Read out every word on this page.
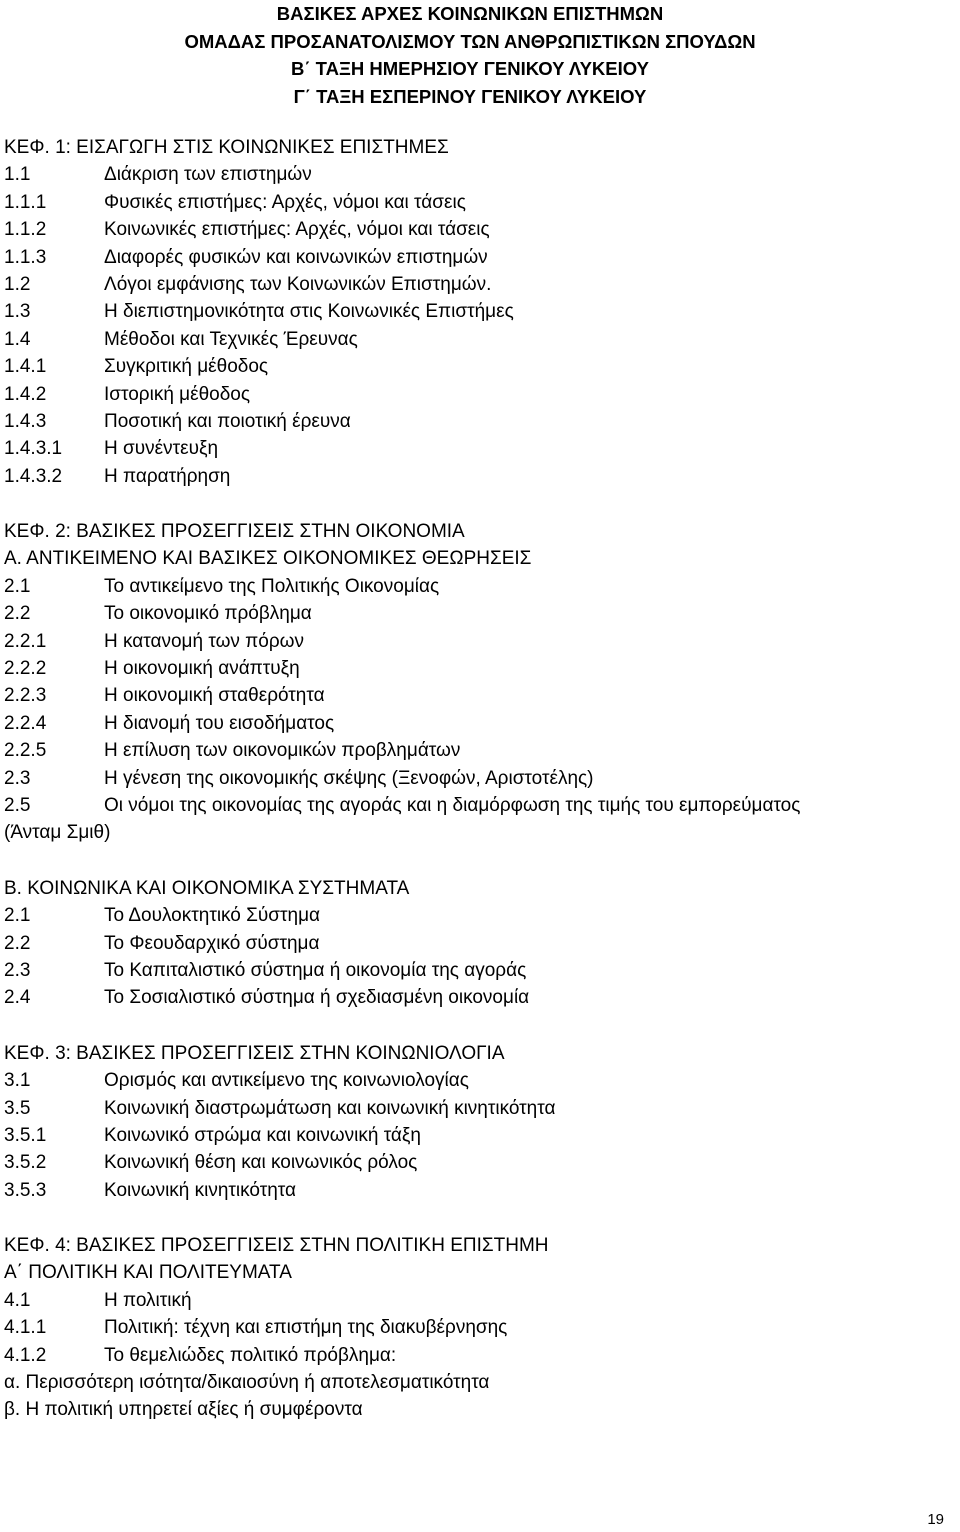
ΒΑΣΙΚΕΣ ΑΡΧΕΣ ΚΟΙΝΩΝΙΚΩΝ ΕΠΙΣΤΗΜΩΝ
ΟΜΑΔΑΣ ΠΡΟΣΑΝΑΤΟΛΙΣΜΟΥ ΤΩΝ ΑΝΘΡΩΠΙΣΤΙΚΩΝ ΣΠΟΥΔΩΝ
Β΄ ΤΑΞΗ ΗΜΕΡΗΣΙΟΥ ΓΕΝΙΚΟΥ ΛΥΚΕΙΟΥ
Γ΄ ΤΑΞΗ ΕΣΠΕΡΙΝΟΥ ΓΕΝΙΚΟΥ ΛΥΚΕΙΟΥ
ΚΕΦ. 1: ΕΙΣΑΓΩΓΗ ΣΤΙΣ ΚΟΙΝΩΝΙΚΕΣ ΕΠΙΣΤΗΜΕΣ
1.1	Διάκριση των επιστημών
1.1.1	Φυσικές επιστήμες: Αρχές, νόμοι και τάσεις
1.1.2	Κοινωνικές επιστήμες: Αρχές, νόμοι και τάσεις
1.1.3	Διαφορές φυσικών και κοινωνικών επιστημών
1.2	Λόγοι εμφάνισης των Κοινωνικών Επιστημών.
1.3	Η διεπιστημονικότητα στις Κοινωνικές Επιστήμες
1.4	Μέθοδοι και Τεχνικές Έρευνας
1.4.1	Συγκριτική μέθοδος
1.4.2	Ιστορική μέθοδος
1.4.3	Ποσοτική και ποιοτική έρευνα
1.4.3.1 Η συνέντευξη
1.4.3.2 Η παρατήρηση
ΚΕΦ. 2: ΒΑΣΙΚΕΣ ΠΡΟΣΕΓΓΙΣΕΙΣ ΣΤΗΝ ΟΙΚΟΝΟΜΙΑ
Α. ΑΝΤΙΚΕΙΜΕΝΟ ΚΑΙ ΒΑΣΙΚΕΣ ΟΙΚΟΝΟΜΙΚΕΣ ΘΕΩΡΗΣΕΙΣ
2.1	Το αντικείμενο της Πολιτικής Οικονομίας
2.2	Το οικονομικό πρόβλημα
2.2.1	Η κατανομή των πόρων
2.2.2	Η οικονομική ανάπτυξη
2.2.3	Η οικονομική σταθερότητα
2.2.4	Η διανομή του εισοδήματος
2.2.5	Η επίλυση των οικονομικών προβλημάτων
2.3	Η γένεση της οικονομικής σκέψης (Ξενοφών, Αριστοτέλης)
2.5	Οι νόμοι της οικονομίας της αγοράς και η διαμόρφωση της τιμής του εμπορεύματος
(Άνταμ Σμιθ)
Β. ΚΟΙΝΩΝΙΚΑ ΚΑΙ ΟΙΚΟΝΟΜΙΚΑ ΣΥΣΤΗΜΑΤΑ
2.1	Το Δουλοκτητικό Σύστημα
2.2	Το Φεουδαρχικό σύστημα
2.3	Το Καπιταλιστικό σύστημα ή οικονομία της αγοράς
2.4	Το Σοσιαλιστικό σύστημα ή σχεδιασμένη οικονομία
ΚΕΦ. 3: ΒΑΣΙΚΕΣ ΠΡΟΣΕΓΓΙΣΕΙΣ ΣΤΗΝ ΚΟΙΝΩΝΙΟΛΟΓΙΑ
3.1	Ορισμός και αντικείμενο της κοινωνιολογίας
3.5	Κοινωνική διαστρωμάτωση και κοινωνική κινητικότητα
3.5.1	Κοινωνικό στρώμα και κοινωνική τάξη
3.5.2	Κοινωνική θέση και κοινωνικός ρόλος
3.5.3	Κοινωνική κινητικότητα
ΚΕΦ. 4: ΒΑΣΙΚΕΣ ΠΡΟΣΕΓΓΙΣΕΙΣ ΣΤΗΝ ΠΟΛΙΤΙΚΗ ΕΠΙΣΤΗΜΗ
Α΄ ΠΟΛΙΤΙΚΗ ΚΑΙ ΠΟΛΙΤΕΥΜΑΤΑ
4.1	Η πολιτική
4.1.1	Πολιτική: τέχνη και επιστήμη της διακυβέρνησης
4.1.2	Το θεμελιώδες πολιτικό πρόβλημα:
α. Περισσότερη ισότητα/δικαιοσύνη ή αποτελεσματικότητα
β. Η πολιτική υπηρετεί αξίες ή συμφέροντα
19
